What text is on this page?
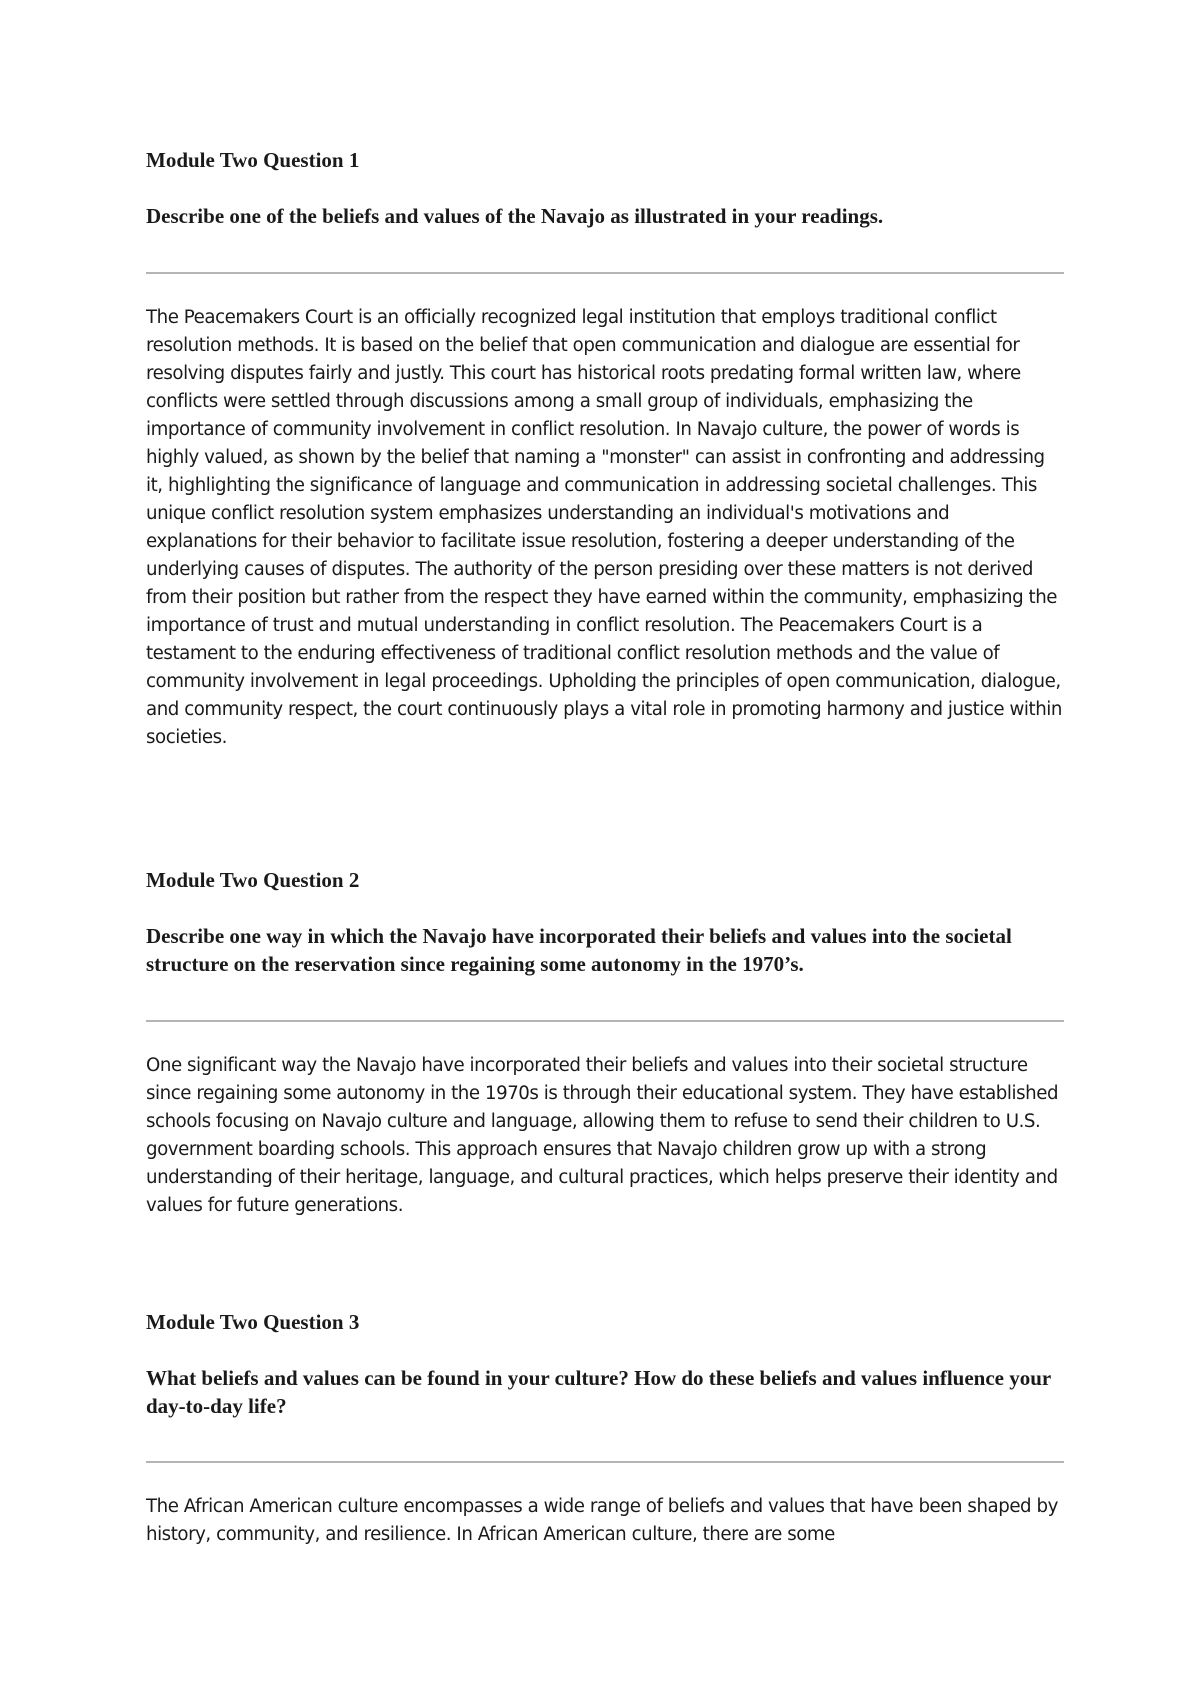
Module Two Question 1

Describe one of the beliefs and values of the Navajo as illustrated in your readings.

The Peacemakers Court is an officially recognized legal institution that employs traditional conflict resolution methods. It is based on the belief that open communication and dialogue are essential for resolving disputes fairly and justly. This court has historical roots predating formal written law, where conflicts were settled through discussions among a small group of individuals, emphasizing the importance of community involvement in conflict resolution. In Navajo culture, the power of words is highly valued, as shown by the belief that naming a "monster" can assist in confronting and addressing it, highlighting the significance of language and communication in addressing societal challenges. This unique conflict resolution system emphasizes understanding an individual's motivations and explanations for their behavior to facilitate issue resolution, fostering a deeper understanding of the underlying causes of disputes. The authority of the person presiding over these matters is not derived from their position but rather from the respect they have earned within the community, emphasizing the importance of trust and mutual understanding in conflict resolution. The Peacemakers Court is a testament to the enduring effectiveness of traditional conflict resolution methods and the value of community involvement in legal proceedings. Upholding the principles of open communication, dialogue, and community respect, the court continuously plays a vital role in promoting harmony and justice within societies.

Module Two Question 2

Describe one way in which the Navajo have incorporated their beliefs and values into the societal structure on the reservation since regaining some autonomy in the 1970’s.

One significant way the Navajo have incorporated their beliefs and values into their societal structure since regaining some autonomy in the 1970s is through their educational system. They have established schools focusing on Navajo culture and language, allowing them to refuse to send their children to U.S. government boarding schools. This approach ensures that Navajo children grow up with a strong understanding of their heritage, language, and cultural practices, which helps preserve their identity and values for future generations.

Module Two Question 3

What beliefs and values can be found in your culture? How do these beliefs and values influence your day-to-day life?

The African American culture encompasses a wide range of beliefs and values that have been shaped by history, community, and resilience. In African American culture, there are some
